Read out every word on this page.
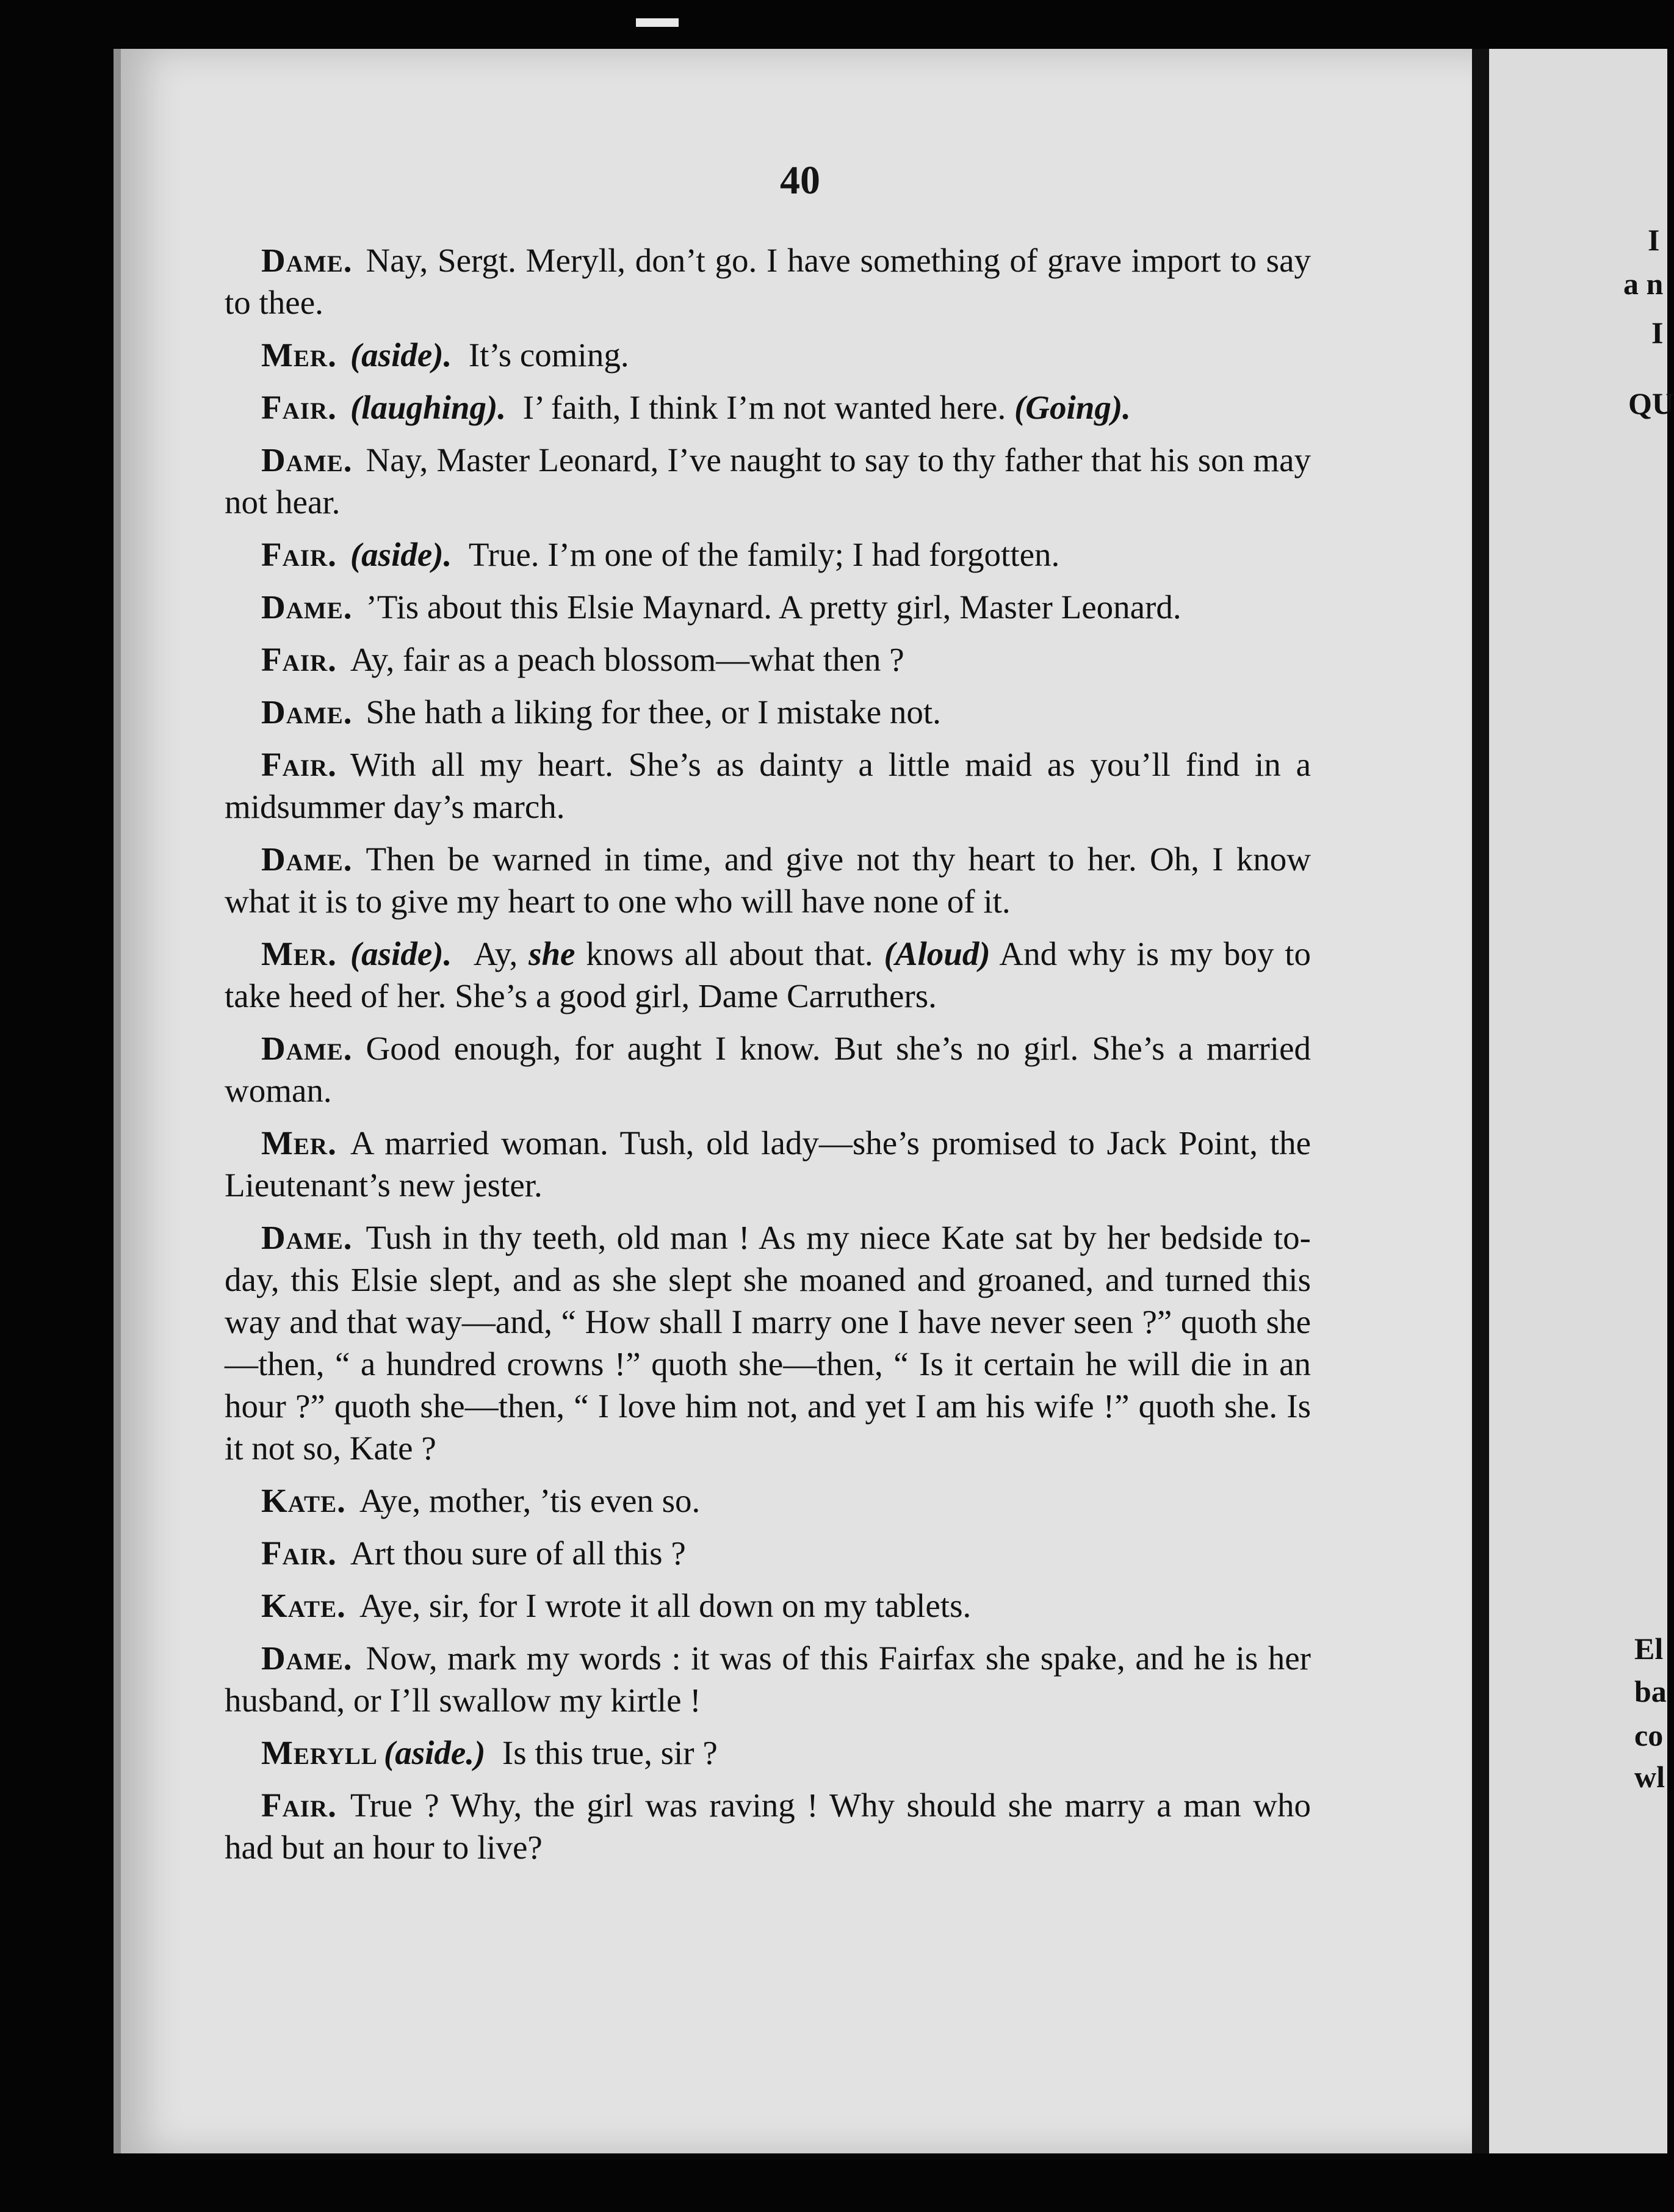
40
I
a n
I
QU
El
ba
co
wl

Dame. Nay, Sergt. Meryll, don’t go. I have something of grave import to say to thee.

Mer. (aside). It’s coming.

Fair. (laughing). I’ faith, I think I’m not wanted here. (Going).

Dame. Nay, Master Leonard, I’ve naught to say to thy father that his son may not hear.

Fair. (aside). True. I’m one of the family; I had forgotten.

Dame. ’Tis about this Elsie Maynard. A pretty girl, Master Leonard.

Fair. Ay, fair as a peach blossom—what then ?

Dame. She hath a liking for thee, or I mistake not.

Fair. With all my heart. She’s as dainty a little maid as you’ll find in a midsummer day’s march.

Dame. Then be warned in time, and give not thy heart to her. Oh, I know what it is to give my heart to one who will have none of it.

Mer. (aside). Ay, she knows all about that. (Aloud) And why is my boy to take heed of her. She’s a good girl, Dame Carruthers.

Dame. Good enough, for aught I know. But she’s no girl. She’s a married woman.

Mer. A married woman. Tush, old lady—she’s promised to Jack Point, the Lieutenant’s new jester.

Dame. Tush in thy teeth, old man ! As my niece Kate sat by her bedside to-day, this Elsie slept, and as she slept she moaned and groaned, and turned this way and that way—and, “ How shall I marry one I have never seen ?” quoth she—then, “ a hundred crowns !” quoth she—then, “ Is it certain he will die in an hour ?” quoth she—then, “ I love him not, and yet I am his wife !” quoth she. Is it not so, Kate ?

Kate. Aye, mother, ’tis even so.

Fair. Art thou sure of all this ?

Kate. Aye, sir, for I wrote it all down on my tablets.

Dame. Now, mark my words : it was of this Fairfax she spake, and he is her husband, or I’ll swallow my kirtle !

Meryll (aside.) Is this true, sir ?

Fair. True ? Why, the girl was raving ! Why should she marry a man who had but an hour to live?
